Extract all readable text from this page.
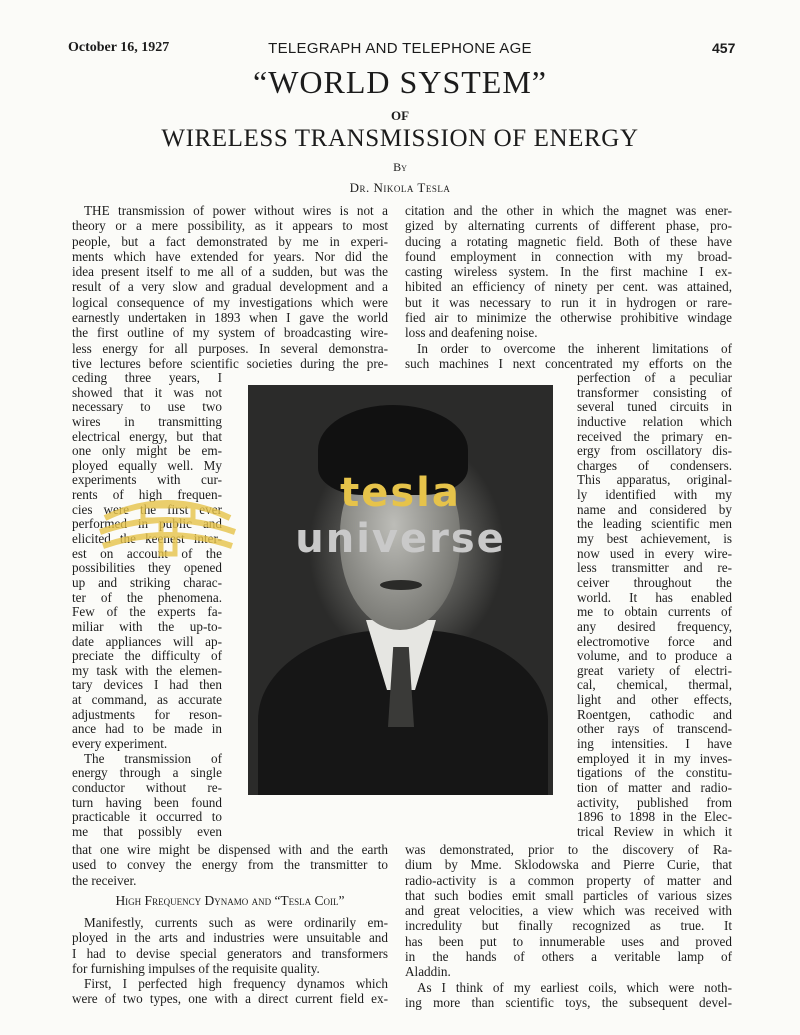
October 16, 1927	TELEGRAPH AND TELEPHONE AGE	457
“WORLD SYSTEM”
OF
WIRELESS TRANSMISSION OF ENERGY
By
Dr. Nikola Tesla
THE transmission of power without wires is not a
theory or a mere possibility, as it appears to most
people, but a fact demonstrated by me in experi-
ments which have extended for years. Nor did the
idea present itself to me all of a sudden, but was the
result of a very slow and gradual development and a
logical consequence of my investigations which were
earnestly undertaken in 1893 when I gave the world
the first outline of my system of broadcasting wire-
less energy for all purposes. In several demonstra-
tive lectures before scientific societies during the pre-
ceding three years, I
showed that it was not
necessary to use two
wires in transmitting
electrical energy, but that
one only might be em-
ployed equally well. My
experiments with cur-
rents of high frequen-
cies were the first ever
performed in public and
elicited the keenest inter-
est on account of the
possibilities they opened
up and striking charac-
ter of the phenomena.
Few of the experts fa-
miliar with the up-to-
date appliances will ap-
preciate the difficulty of
my task with the elemen-
tary devices I had then
at command, as accurate
adjustments for reson-
ance had to be made in
every experiment.
The transmission of
energy through a single
conductor without re-
turn having been found
practicable it occurred to
me that possibly even
that one wire might be dispensed with and the earth
used to convey the energy from the transmitter to
the receiver.
High Frequency Dynamo and “Tesla Coil”
Manifestly, currents such as were ordinarily em-
ployed in the arts and industries were unsuitable and
I had to devise special generators and transformers
for furnishing impulses of the requisite quality.
First, I perfected high frequency dynamos which
were of two types, one with a direct current field ex-
citation and the other in which the magnet was ener-
gized by alternating currents of different phase, pro-
ducing a rotating magnetic field. Both of these have
found employment in connection with my broad-
casting wireless system. In the first machine I ex-
hibited an efficiency of ninety per cent. was attained,
but it was necessary to run it in hydrogen or rare-
fied air to minimize the otherwise prohibitive windage
loss and deafening noise.
In order to overcome the inherent limitations of
such machines I next concentrated my efforts on the
perfection of a peculiar
transformer consisting of
several tuned circuits in
inductive relation which
received the primary en-
ergy from oscillatory dis-
charges of condensers.
This apparatus, original-
ly identified with my
name and considered by
the leading scientific men
my best achievement, is
now used in every wire-
less transmitter and re-
ceiver throughout the
world. It has enabled
me to obtain currents of
any desired frequency,
electromotive force and
volume, and to produce a
great variety of electri-
cal, chemical, thermal,
light and other effects,
Roentgen, cathodic and
other rays of transcend-
ing intensities. I have
employed it in my inves-
tigations of the constitu-
tion of matter and radio-
activity, published from
1896 to 1898 in the Elec-
trical Review in which it
was demonstrated, prior to the discovery of Ra-
dium by Mme. Sklodowska and Pierre Curie, that
radio-activity is a common property of matter and
that such bodies emit small particles of various sizes
and great velocities, a view which was received with
incredulity but finally recognized as true. It
has been put to innumerable uses and proved
in the hands of others a veritable lamp of
Aladdin.
As I think of my earliest coils, which were noth-
ing more than scientific toys, the subsequent devel-
tesla
universe
